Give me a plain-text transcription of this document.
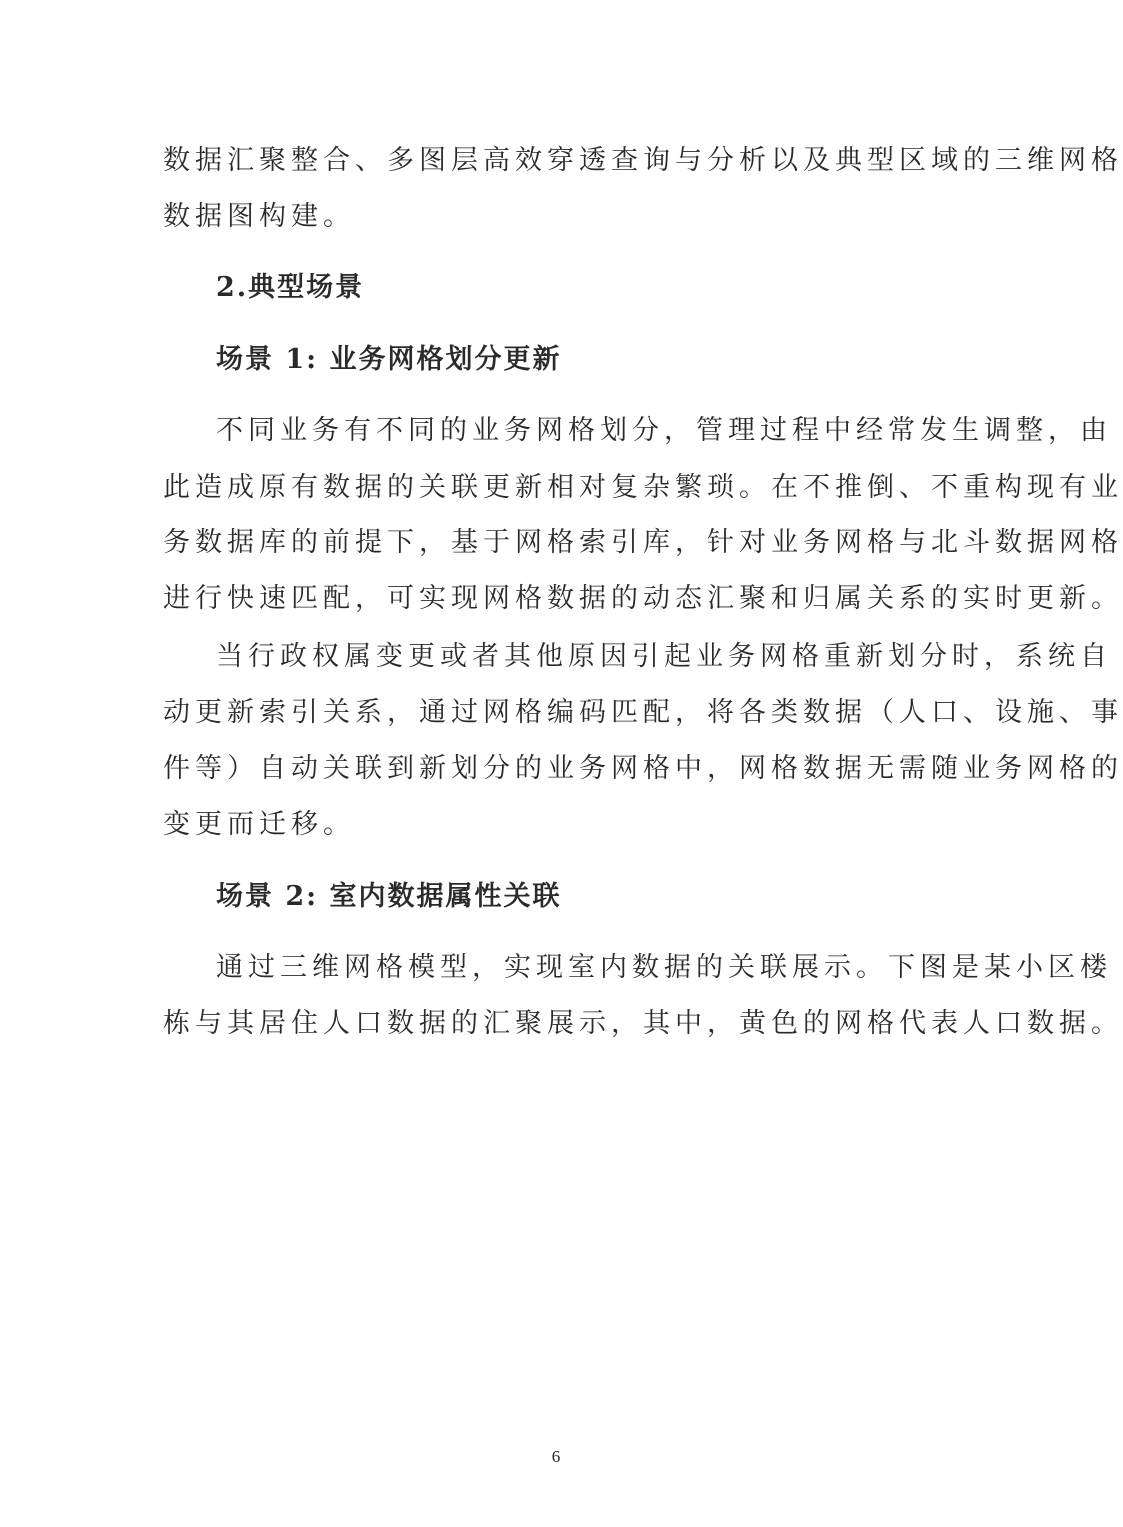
数据汇聚整合、多图层高效穿透查询与分析以及典型区域的三维网格
数据图构建。
2.典型场景
场景 1: 业务网格划分更新
不同业务有不同的业务网格划分，管理过程中经常发生调整，由
此造成原有数据的关联更新相对复杂繁琐。在不推倒、不重构现有业
务数据库的前提下，基于网格索引库，针对业务网格与北斗数据网格
进行快速匹配，可实现网格数据的动态汇聚和归属关系的实时更新。
当行政权属变更或者其他原因引起业务网格重新划分时，系统自
动更新索引关系，通过网格编码匹配，将各类数据（人口、设施、事
件等）自动关联到新划分的业务网格中，网格数据无需随业务网格的
变更而迁移。
场景 2: 室内数据属性关联
通过三维网格模型，实现室内数据的关联展示。下图是某小区楼
栋与其居住人口数据的汇聚展示，其中，黄色的网格代表人口数据。
6
